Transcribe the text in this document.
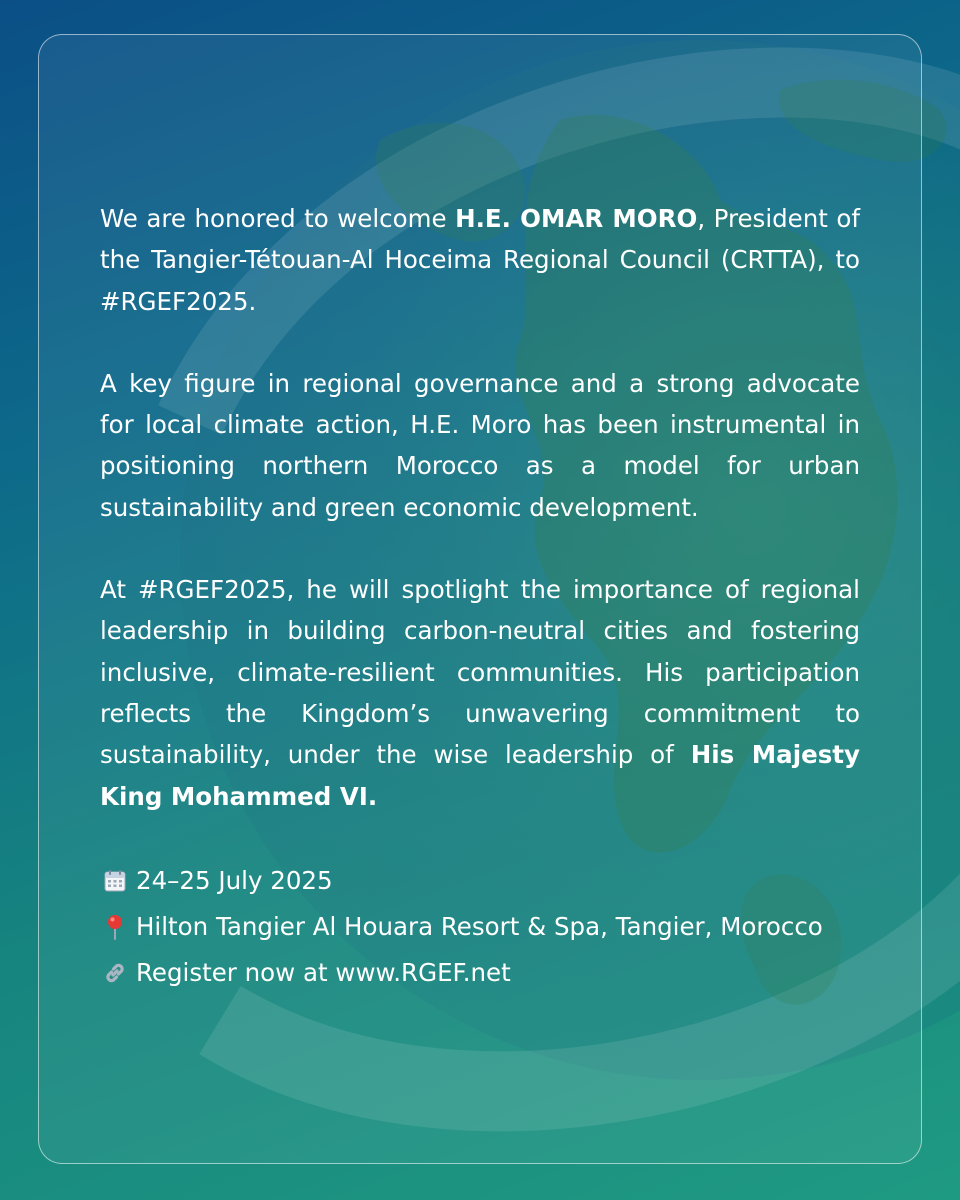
We are honored to welcome H.E. OMAR MORO, President of the Tangier-Tétouan-Al Hoceima Regional Council (CRTTA), to #RGEF2025.

A key figure in regional governance and a strong advocate for local climate action, H.E. Moro has been instrumental in positioning northern Morocco as a model for urban sustainability and green economic development.

At #RGEF2025, he will spotlight the importance of regional leadership in building carbon-neutral cities and fostering inclusive, climate-resilient communities. His participation reflects the Kingdom’s unwavering commitment to sustainability, under the wise leadership of His Majesty King Mohammed VI.

24–25 July 2025
Hilton Tangier Al Houara Resort & Spa, Tangier, Morocco
Register now at www.RGEF.net
